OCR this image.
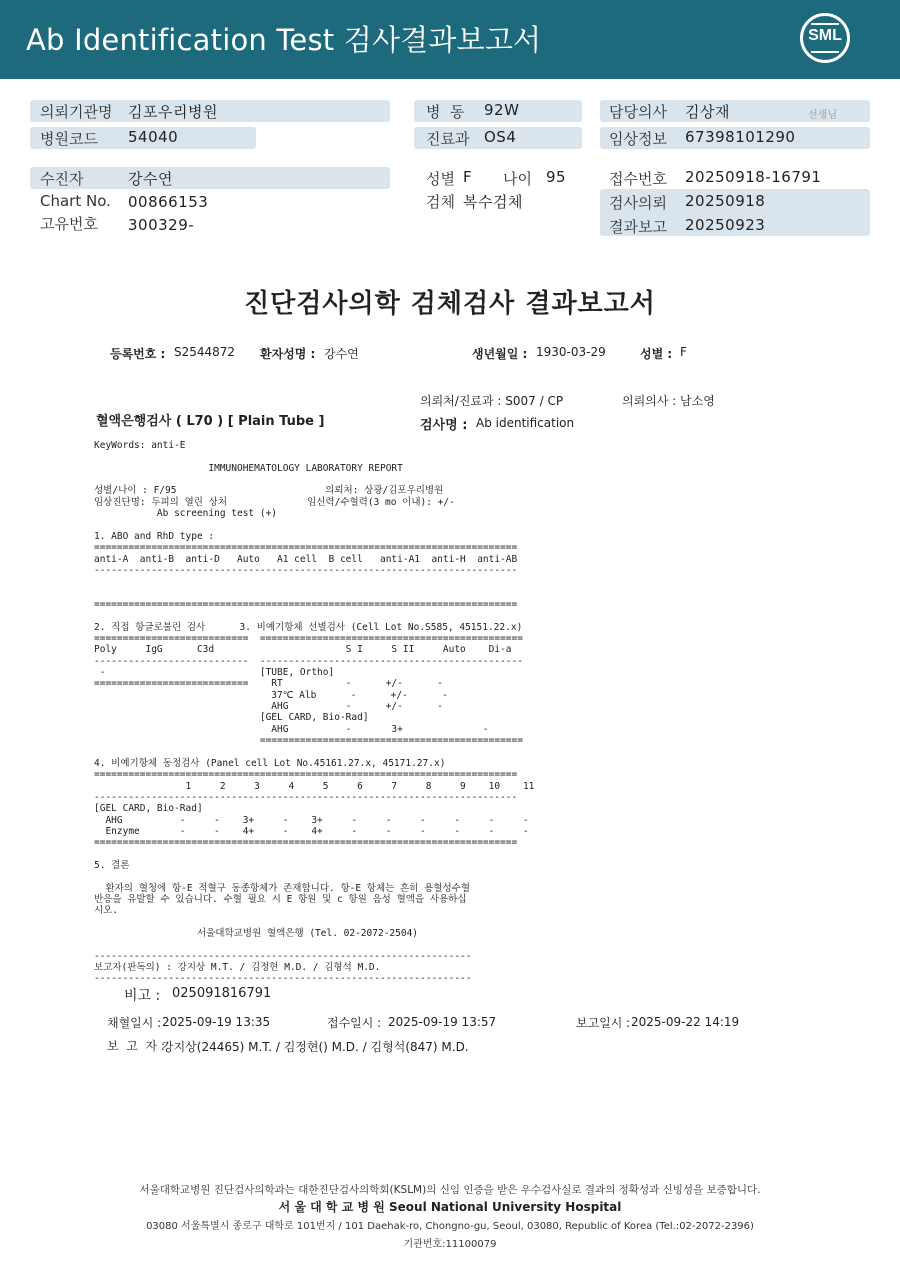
Ab Identification Test 검사결과보고서	SML
의뢰기관명 김포우리병원
병원코드 54040
병  동 92W
진료과 OS4
담당의사 김상재	선생님
임상정보 67398101290
수진자	강수연
Chart No. 00866153
고유번호 300329-
성별 F 나이 95
검체 복수검체
접수번호 20250918-16791
검사의뢰 20250918
결과보고 20250923
진단검사의학 검체검사 결과보고서
등록번호 : S2544872 환자성명 : 강수연	생년월일 : 1930-03-29	성별 : F
의뢰처/진료과 : S007 / CP	의뢰의사 : 남소영
혈액은행검사 ( L70 ) [ Plain Tube ]	검사명 : Ab identification
KeyWords: anti-E
IMMUNOHEMATOLOGY LABORATORY REPORT
성별/나이 : F/95                          의뢰처: 상광/김포우리병원
임상진단명: 두피의 열린 상처              임신력/수혈력(3 mo 이내): +/-
Ab screening test (+)
1. ABO and RhD type :
==========================================================================
anti-A  anti-B  anti-D   Auto   A1 cell  B cell   anti-A1  anti-H  anti-AB
--------------------------------------------------------------------------
==========================================================================
2. 직접 항글로불린 검사      3. 비예기항체 선별검사 (Cell Lot No.S585, 45151.22.x)
===========================  ==============================================
Poly     IgG      C3d                       S I     S II     Auto    Di-a
---------------------------  ----------------------------------------------
-                           [TUBE, Ortho]
===========================    RT           -      +/-      -
37℃ Alb      -      +/-      -
AHG          -      +/-      -
[GEL CARD, Bio-Rad]
AHG          -       3+              -
==============================================
4. 비예기항체 동정검사 (Panel cell Lot No.45161.27.x, 45171.27.x)
==========================================================================
1     2     3     4     5     6     7     8     9    10    11
--------------------------------------------------------------------------
[GEL CARD, Bio-Rad]
AHG          -     -    3+     -    3+     -     -     -     -     -     -
Enzyme       -     -    4+     -    4+     -     -     -     -     -     -
==========================================================================
5. 결론
환자의 혈청에 항-E 적혈구 동종항체가 존재합니다. 항-E 항체는 흔히 용혈성수혈
반응을 유발할 수 있습니다. 수혈 필요 시 E 항원 및 c 항원 음성 혈액을 사용하십
시오.
서울대학교병원 혈액은행 (Tel. 02-2072-2504)
------------------------------------------------------------------
보고자(판독의) : 강지상 M.T. / 김정현 M.D. / 김형석 M.D.
------------------------------------------------------------------
비고 : 025091816791
채혈일시 : 2025-09-19 13:35	접수일시 : 2025-09-19 13:57	보고일시 : 2025-09-22 14:19
보  고  자 :
강지상(24465) M.T. / 김정현() M.D. / 김형석(847) M.D.
서울대학교병원 진단검사의학과는 대한진단검사의학회(KSLM)의 신임 인증을 받은 우수검사실로 결과의 정확성과 신빙성을 보증합니다.
서 울 대 학 교 병 원 Seoul National University Hospital
03080 서울특별시 종로구 대학로 101번지 / 101 Daehak-ro, Chongno-gu, Seoul, 03080, Republic of Korea (Tel.:02-2072-2396)
기관번호:11100079
